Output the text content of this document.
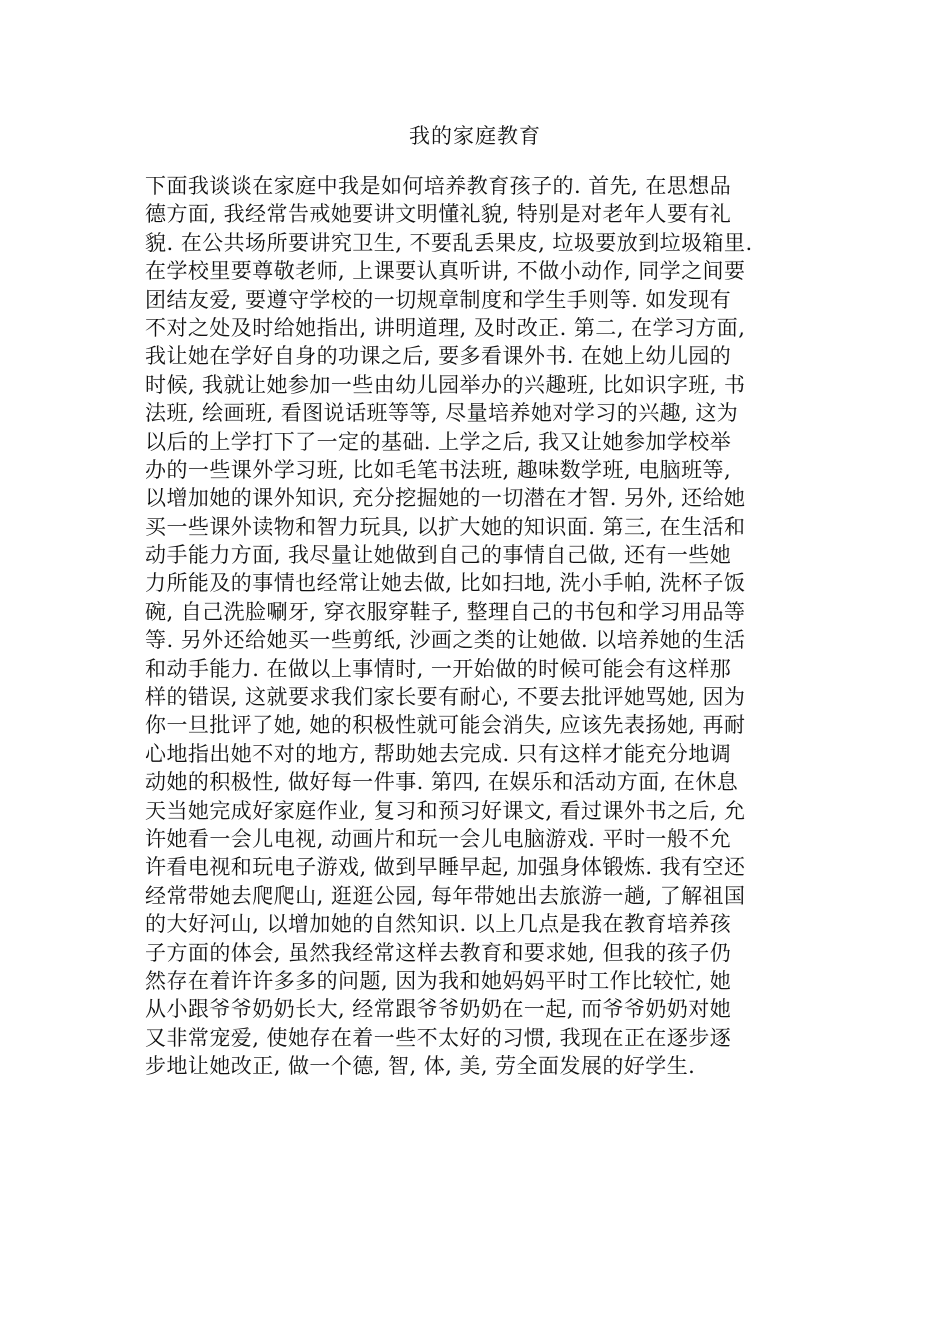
我的家庭教育
下面我谈谈在家庭中我是如何培养教育孩子的. 首先, 在思想品
德方面, 我经常告戒她要讲文明懂礼貌, 特别是对老年人要有礼
貌. 在公共场所要讲究卫生, 不要乱丢果皮, 垃圾要放到垃圾箱里.
在学校里要尊敬老师, 上课要认真听讲, 不做小动作, 同学之间要
团结友爱, 要遵守学校的一切规章制度和学生手则等. 如发现有
不对之处及时给她指出, 讲明道理, 及时改正. 第二, 在学习方面,
我让她在学好自身的功课之后, 要多看课外书. 在她上幼儿园的
时候, 我就让她参加一些由幼儿园举办的兴趣班, 比如识字班, 书
法班, 绘画班, 看图说话班等等, 尽量培养她对学习的兴趣, 这为
以后的上学打下了一定的基础. 上学之后, 我又让她参加学校举
办的一些课外学习班, 比如毛笔书法班, 趣味数学班, 电脑班等,
以增加她的课外知识, 充分挖掘她的一切潜在才智. 另外, 还给她
买一些课外读物和智力玩具, 以扩大她的知识面. 第三, 在生活和
动手能力方面, 我尽量让她做到自己的事情自己做, 还有一些她
力所能及的事情也经常让她去做, 比如扫地, 洗小手帕, 洗杯子饭
碗, 自己洗脸唰牙, 穿衣服穿鞋子, 整理自己的书包和学习用品等
等. 另外还给她买一些剪纸, 沙画之类的让她做. 以培养她的生活
和动手能力. 在做以上事情时, 一开始做的时候可能会有这样那
样的错误, 这就要求我们家长要有耐心, 不要去批评她骂她, 因为
你一旦批评了她, 她的积极性就可能会消失, 应该先表扬她, 再耐
心地指出她不对的地方, 帮助她去完成. 只有这样才能充分地调
动她的积极性, 做好每一件事. 第四, 在娱乐和活动方面, 在休息
天当她完成好家庭作业, 复习和预习好课文, 看过课外书之后, 允
许她看一会儿电视, 动画片和玩一会儿电脑游戏. 平时一般不允
许看电视和玩电子游戏, 做到早睡早起, 加强身体锻炼. 我有空还
经常带她去爬爬山, 逛逛公园, 每年带她出去旅游一趟, 了解祖国
的大好河山, 以增加她的自然知识. 以上几点是我在教育培养孩
子方面的体会, 虽然我经常这样去教育和要求她, 但我的孩子仍
然存在着许许多多的问题, 因为我和她妈妈平时工作比较忙, 她
从小跟爷爷奶奶长大, 经常跟爷爷奶奶在一起, 而爷爷奶奶对她
又非常宠爱, 使她存在着一些不太好的习惯, 我现在正在逐步逐
步地让她改正, 做一个德, 智, 体, 美, 劳全面发展的好学生.
